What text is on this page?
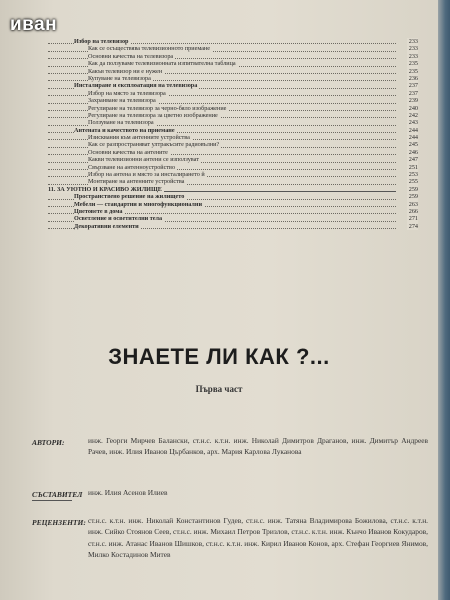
иван
Избор на телевизор	233
Как се осъществява телевизионното приемане	233
Основни качества на телевизора	233
Как да ползуваме телевизионната изпитвателна таблица	235
Какъв телевизор ни е нужен	235
Купуване на телевизора	236
Инсталиране и експлоатация на телевизора	237
Избор на място за телевизора	237
Захранване на телевизора	239
Регулиране на телевизор за черно-бяло изображение	240
Регулиране на телевизора за цветно изображение	242
Ползуване на телевизора	243
Антената и качеството на приемане	244
Изисквания към антенните устройства	244
Как се разпространяват ултракъсите радиовълни?	245
Основни качества на антените	246
Какви телевизионни антени се използуват	247
Свързване на антенноустройство	251
Избор на антена и място за инсталирането й	253
Монтиране на антенните устройства	255
11. ЗА УЮТНО И КРАСИВО ЖИЛИЩЕ	259
Пространствено решение на жилището	259
Мебели — стандартни и многофункционални	263
Цветовете в дома	266
Осветление и осветителни тела	271
Декоративни елементи	274
ЗНАЕТЕ ЛИ КАК ?...
Първа част
АВТОРИ:	инж. Георги Мирчев Балански, ст.н.с. к.т.н. инж. Николай Димитров Драганов, инж. Димитър Андреев Рачев, инж. Илия Иванов Църбанков, арх. Мария Карлова Луканова
СЪСТАВИТЕЛ инж. Илия Асенов Илиев
РЕЦЕНЗЕНТИ: ст.н.с. к.т.н. инж. Николай Константинов Гудев, ст.н.с. инж. Татяна Владимирова Божилова, ст.н.с. к.т.н. инж. Сийко Стоянов Сеев, ст.н.с. инж. Михаил Петров Тризлов, ст.н.с. к.т.н. инж. Кънчо Иванов Кокударов, ст.н.с. инж. Атанас Иванов Шишков, ст.н.с. к.т.н. инж. Кирил Иванов Конов, арх. Стефан Георгиев Янимов, Милко Костадинов Митев
